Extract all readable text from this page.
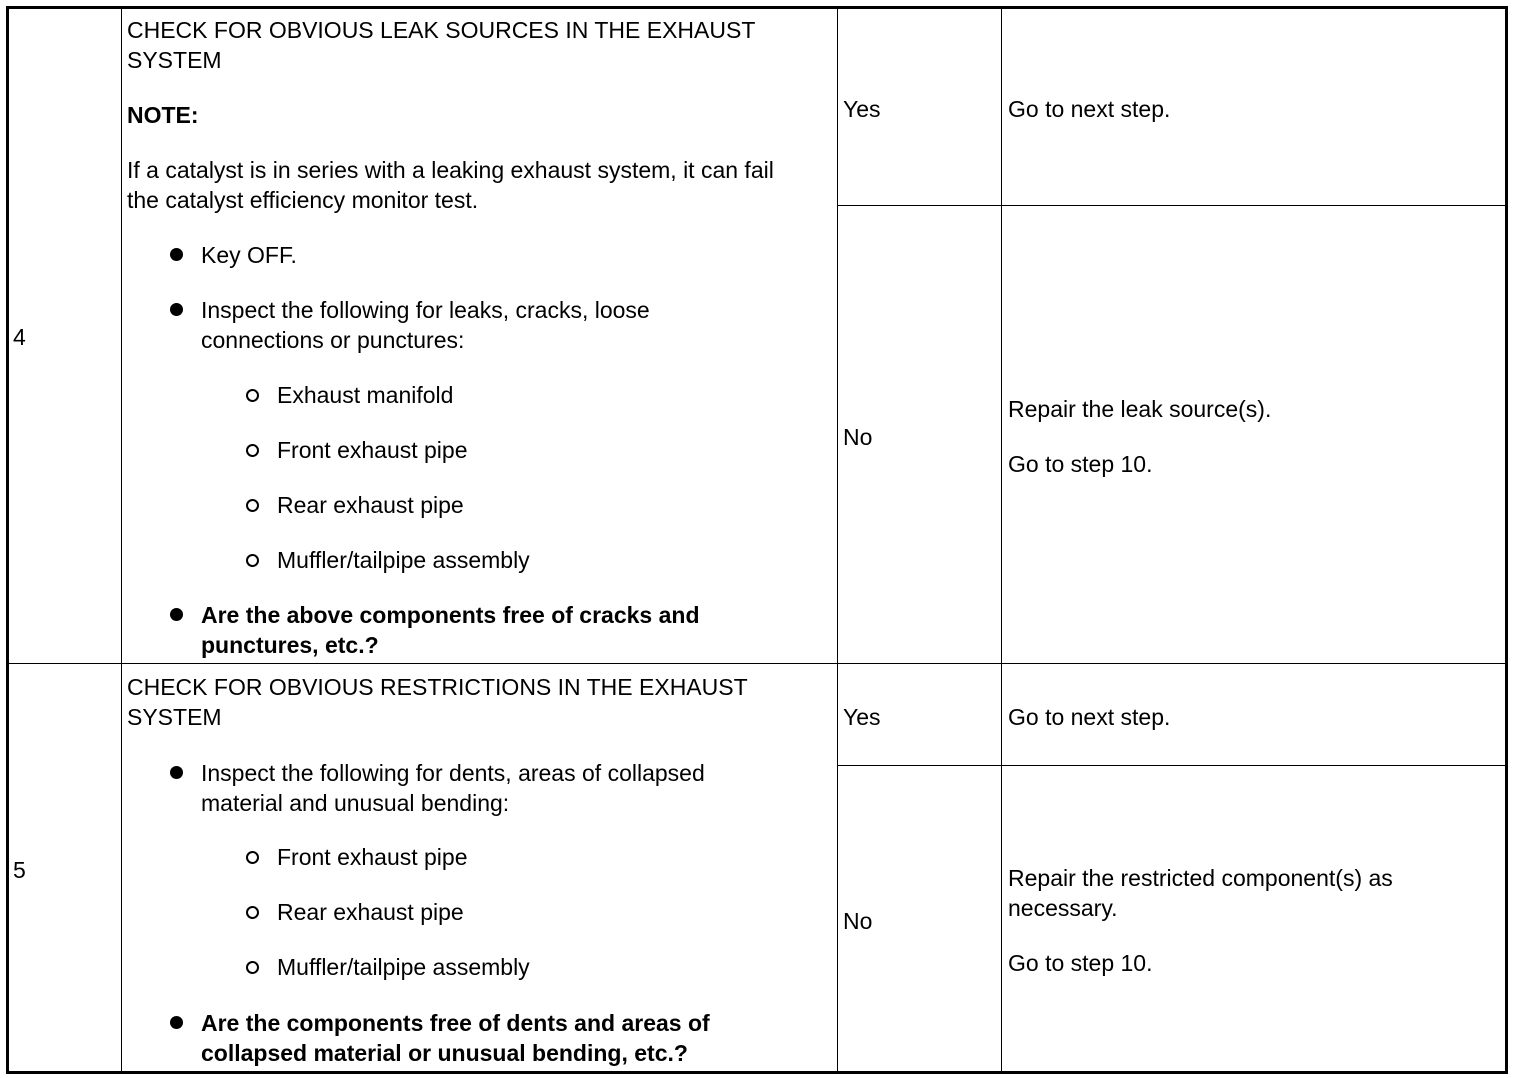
4
CHECK FOR OBVIOUS LEAK SOURCES IN THE EXHAUST
SYSTEM
NOTE:
If a catalyst is in series with a leaking exhaust system, it can fail
the catalyst efficiency monitor test.
Key OFF.
Inspect the following for leaks, cracks, loose
connections or punctures:
Exhaust manifold
Front exhaust pipe
Rear exhaust pipe
Muffler/tailpipe assembly
Are the above components free of cracks and
punctures, etc.?
Yes	Go to next step.
No
Repair the leak source(s).
Go to step 10.
5
CHECK FOR OBVIOUS RESTRICTIONS IN THE EXHAUST
SYSTEM
Inspect the following for dents, areas of collapsed
material and unusual bending:
Front exhaust pipe
Rear exhaust pipe
Muffler/tailpipe assembly
Are the components free of dents and areas of
collapsed material or unusual bending, etc.?
Yes	Go to next step.
No
Repair the restricted component(s) as
necessary.
Go to step 10.
